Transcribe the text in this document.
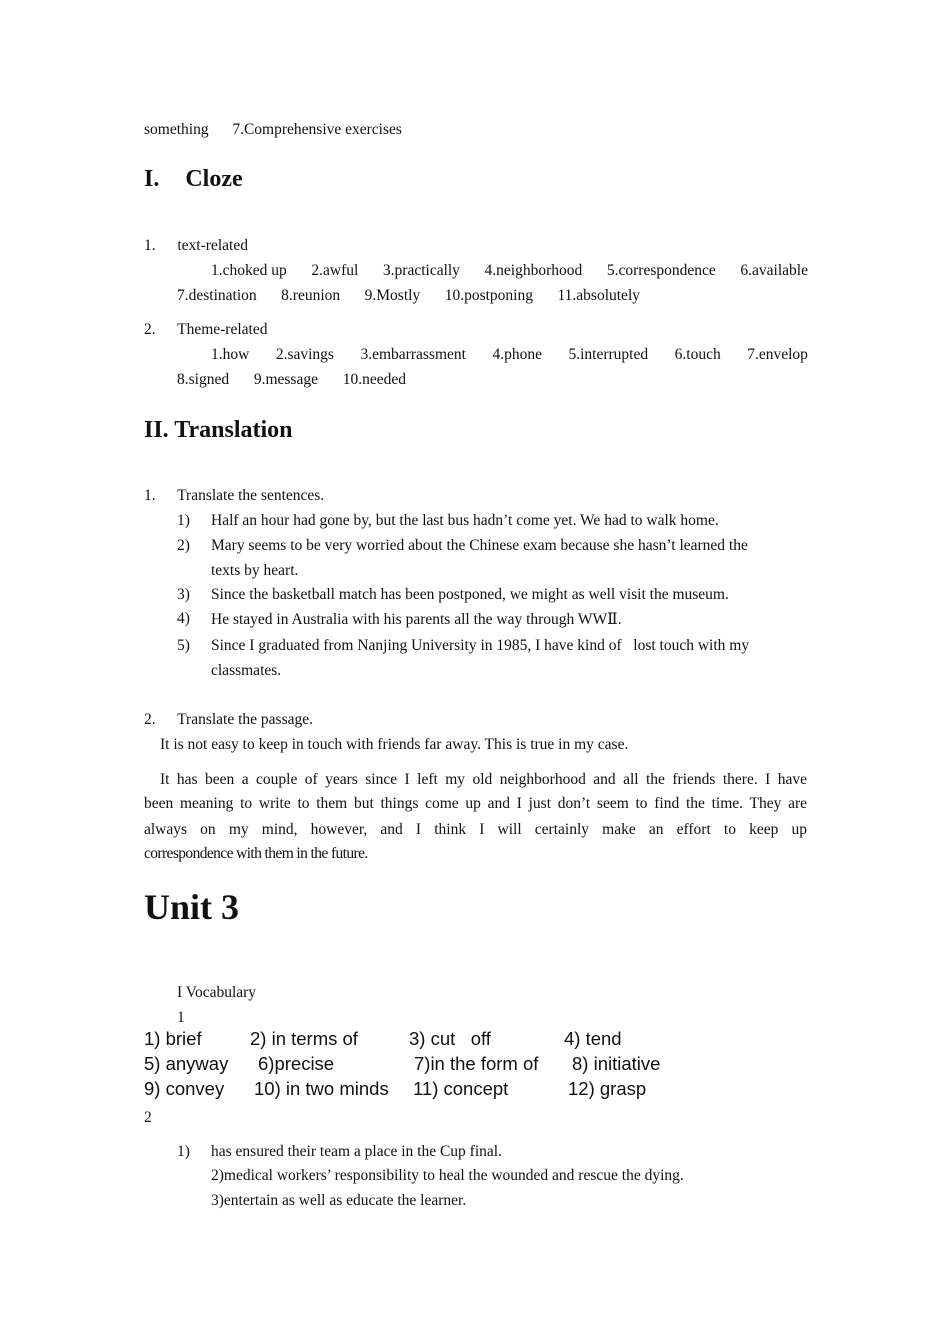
something 7.Comprehensive exercises
I. Cloze
1. text-related
1.choked up 2.awful 3.practically 4.neighborhood 5.correspondence 6.available
7.destination 8.reunion 9.Mostly 10.postponing 11.absolutely
2. Theme-related
1.how 2.savings 3.embarrassment 4.phone 5.interrupted 6.touch 7.envelop
8.signed 9.message 10.needed
II. Translation
1. Translate the sentences.
1) Half an hour had gone by, but the last bus hadn’t come yet. We had to walk home.
2) Mary seems to be very worried about the Chinese exam because she hasn’t learned the
texts by heart.
3) Since the basketball match has been postponed, we might as well visit the museum.
4) He stayed in Australia with his parents all the way through WWⅡ.
5) Since I graduated from Nanjing University in 1985, I have kind of   lost touch with my
classmates.
2. Translate the passage.
It is not easy to keep in touch with friends far away. This is true in my case.
It has been a couple of years since I left my old neighborhood and all the friends there. I have
been meaning to write to them but things come up and I just don’t seem to find the time. They are
always on my mind, however, and I think I will certainly make an effort to keep up
correspondence with them in the future.
Unit 3
I Vocabulary
1
1) brief	2) in terms of	3) cut   off	4) tend
5) anyway 6)precise	7)in the form of 8) initiative
9) convey 10) in two minds 11) concept	12) grasp
2
1) has ensured their team a place in the Cup final.
2)medical workers’ responsibility to heal the wounded and rescue the dying.
3)entertain as well as educate the learner.
